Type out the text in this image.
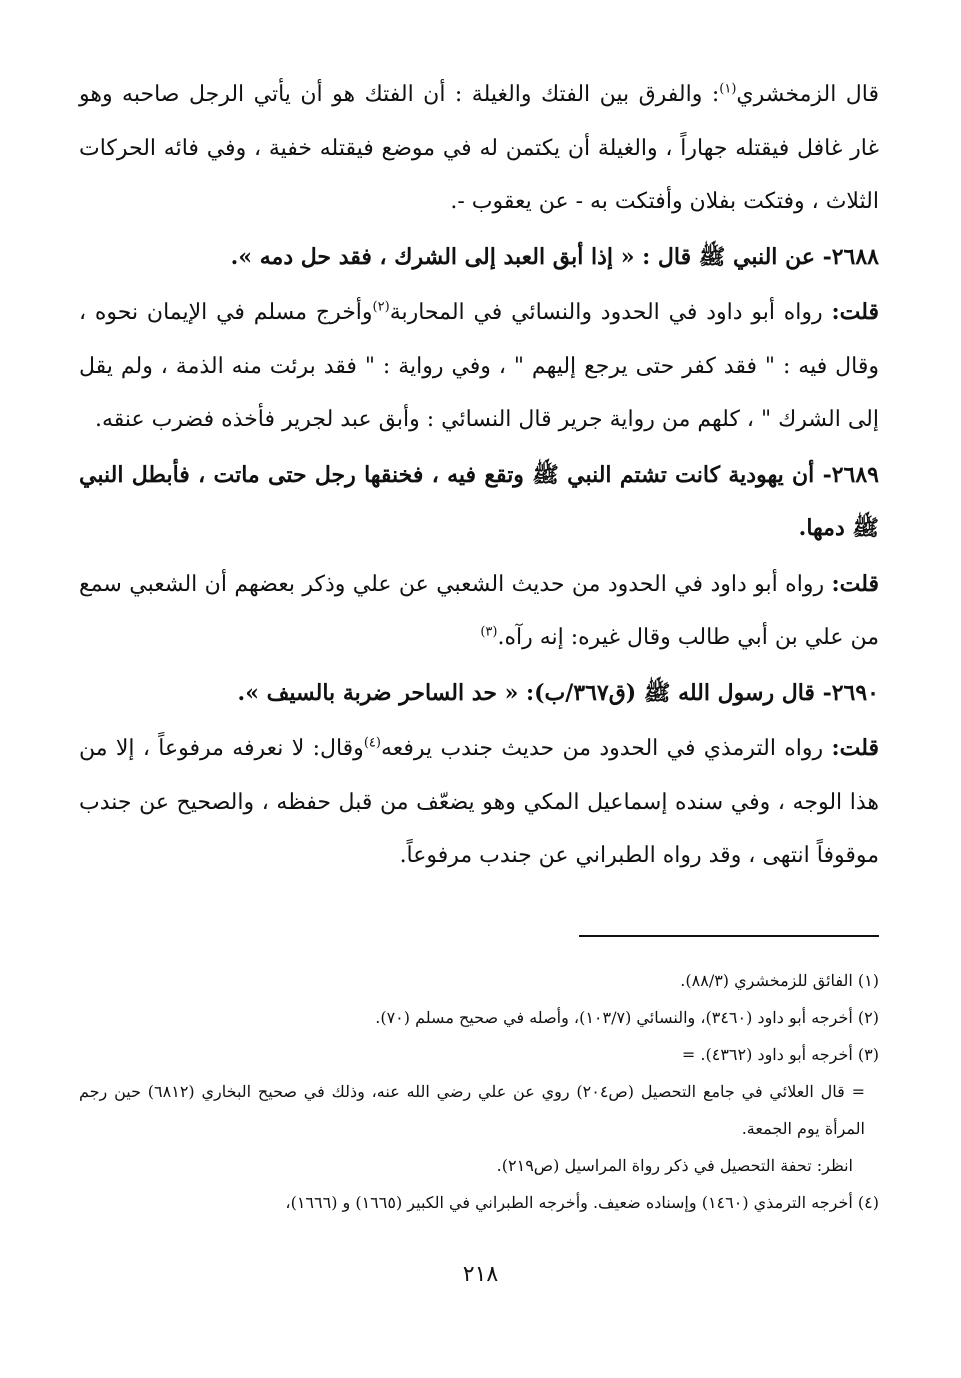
قال الزمخشري$^{(١)}$: والفرق بين الفتك والغيلة : أن الفتك هو أن يأتي الرجل صاحبه وهو غار غافل فيقتله جهاراً ، والغيلة أن يكتمن له في موضع فيقتله خفية ، وفي فائه الحركات الثلاث ، وفتكت بفلان وأفتكت به - عن يعقوب -.

٢٦٨٨- عن النبي ﷺ قال : « إذا أبق العبد إلى الشرك ، فقد حل دمه ».

قلت: رواه أبو داود في الحدود والنسائي في المحاربة$^{(٢)}$وأخرج مسلم في الإيمان نحوه ، وقال فيه : " فقد كفر حتى يرجع إليهم " ، وفي رواية : " فقد برئت منه الذمة ، ولم يقل إلى الشرك " ، كلهم من رواية جرير قال النسائي : وأبق عبد لجرير فأخذه فضرب عنقه.

٢٦٨٩- أن يهودية كانت تشتم النبي ﷺ وتقع فيه ، فخنقها رجل حتى ماتت ، فأبطل النبي ﷺ دمها.

قلت: رواه أبو داود في الحدود من حديث الشعبي عن علي وذكر بعضهم أن الشعبي سمع من علي بن أبي طالب وقال غيره: إنه رآه.$^{(٣)}$

٢٦٩٠- قال رسول الله ﷺ (ق٣٦٧/ب): « حد الساحر ضربة بالسيف ».

قلت: رواه الترمذي في الحدود من حديث جندب يرفعه$^{(٤)}$وقال: لا نعرفه مرفوعاً ، إلا من هذا الوجه ، وفي سنده إسماعيل المكي وهو يضعّف من قبل حفظه ، والصحيح عن جندب موقوفاً انتهى ، وقد رواه الطبراني عن جندب مرفوعاً.

(١) الفائق للزمخشري (٨٨/٣).

(٢) أخرجه أبو داود (٣٤٦٠)، والنسائي (١٠٣/٧)، وأصله في صحيح مسلم (٧٠).

(٣) أخرجه أبو داود (٤٣٦٢). =

= قال العلائي في جامع التحصيل (ص٢٠٤) روي عن علي رضي الله عنه، وذلك في صحيح البخاري (٦٨١٢) حين رجم المرأة يوم الجمعة.

انظر: تحفة التحصيل في ذكر رواة المراسيل (ص٢١٩).

(٤) أخرجه الترمذي (١٤٦٠) وإسناده ضعيف. وأخرجه الطبراني في الكبير (١٦٦٥) و (١٦٦٦)،

٢١٨
